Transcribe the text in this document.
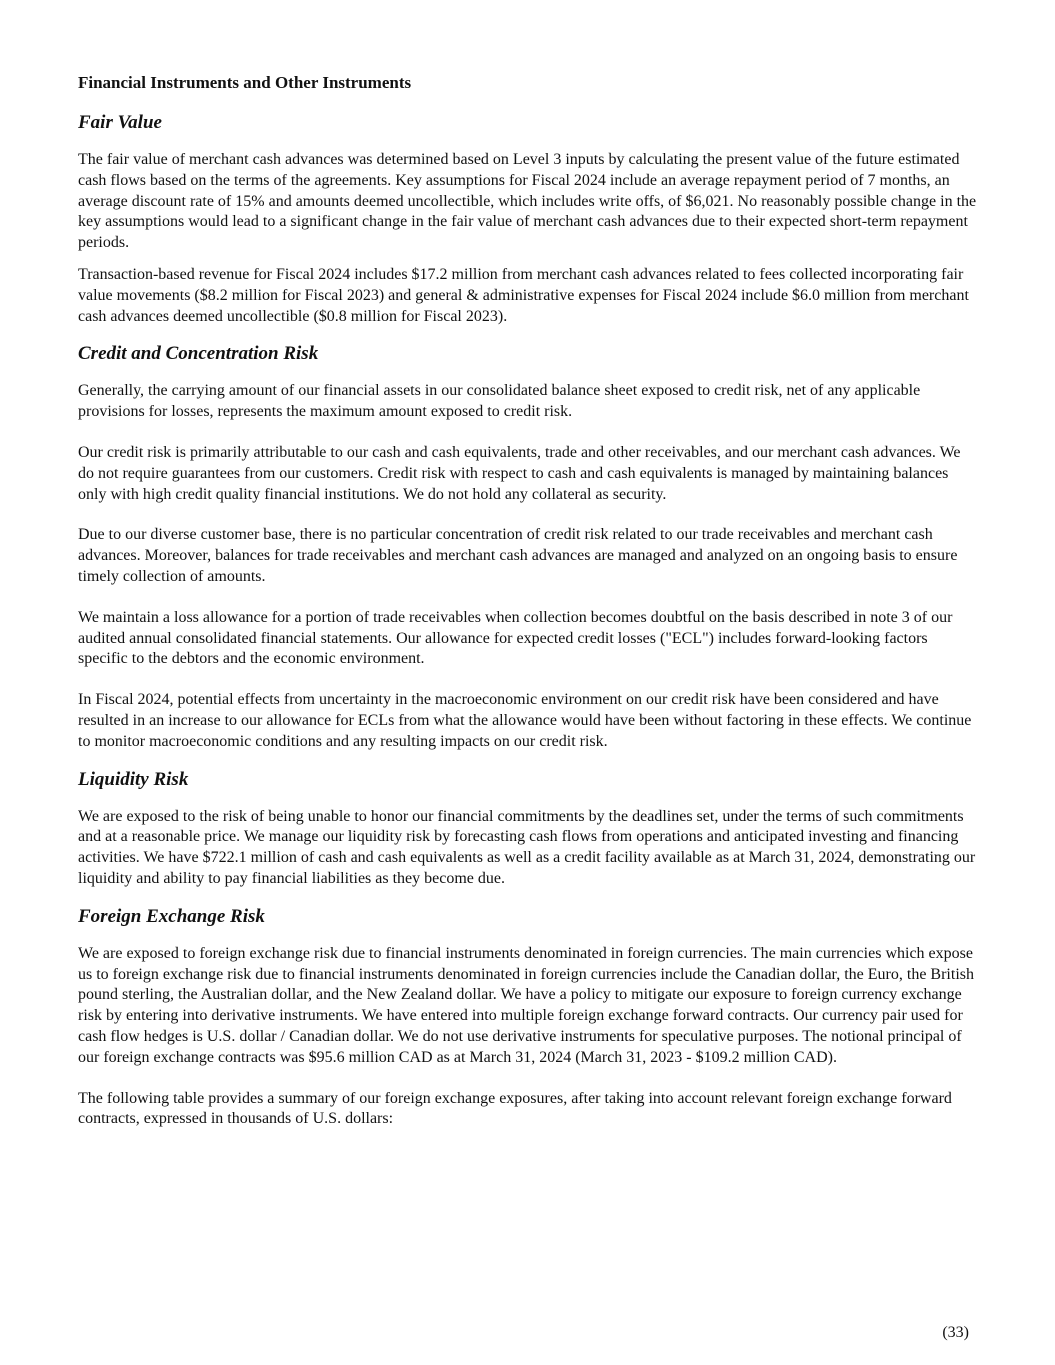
Financial Instruments and Other Instruments
Fair Value

The fair value of merchant cash advances was determined based on Level 3 inputs by calculating the present value of the future estimated cash flows based on the terms of the agreements. Key assumptions for Fiscal 2024 include an average repayment period of 7 months, an average discount rate of 15% and amounts deemed uncollectible, which includes write offs, of $6,021. No reasonably possible change in the key assumptions would lead to a significant change in the fair value of merchant cash advances due to their expected short-term repayment periods.

Transaction-based revenue for Fiscal 2024 includes $17.2 million from merchant cash advances related to fees collected incorporating fair value movements ($8.2 million for Fiscal 2023) and general & administrative expenses for Fiscal 2024 include $6.0 million from merchant cash advances deemed uncollectible ($0.8 million for Fiscal 2023).

Credit and Concentration Risk

Generally, the carrying amount of our financial assets in our consolidated balance sheet exposed to credit risk, net of any applicable provisions for losses, represents the maximum amount exposed to credit risk.

Our credit risk is primarily attributable to our cash and cash equivalents, trade and other receivables, and our merchant cash advances. We do not require guarantees from our customers. Credit risk with respect to cash and cash equivalents is managed by maintaining balances only with high credit quality financial institutions. We do not hold any collateral as security.

Due to our diverse customer base, there is no particular concentration of credit risk related to our trade receivables and merchant cash advances. Moreover, balances for trade receivables and merchant cash advances are managed and analyzed on an ongoing basis to ensure timely collection of amounts.

We maintain a loss allowance for a portion of trade receivables when collection becomes doubtful on the basis described in note 3 of our audited annual consolidated financial statements. Our allowance for expected credit losses ("ECL") includes forward-looking factors specific to the debtors and the economic environment.

In Fiscal 2024, potential effects from uncertainty in the macroeconomic environment on our credit risk have been considered and have resulted in an increase to our allowance for ECLs from what the allowance would have been without factoring in these effects. We continue to monitor macroeconomic conditions and any resulting impacts on our credit risk.

Liquidity Risk

We are exposed to the risk of being unable to honor our financial commitments by the deadlines set, under the terms of such commitments and at a reasonable price. We manage our liquidity risk by forecasting cash flows from operations and anticipated investing and financing activities. We have $722.1 million of cash and cash equivalents as well as a credit facility available as at March 31, 2024, demonstrating our liquidity and ability to pay financial liabilities as they become due.

Foreign Exchange Risk

We are exposed to foreign exchange risk due to financial instruments denominated in foreign currencies. The main currencies which expose us to foreign exchange risk due to financial instruments denominated in foreign currencies include the Canadian dollar, the Euro, the British pound sterling, the Australian dollar, and the New Zealand dollar. We have a policy to mitigate our exposure to foreign currency exchange risk by entering into derivative instruments. We have entered into multiple foreign exchange forward contracts. Our currency pair used for cash flow hedges is U.S. dollar / Canadian dollar. We do not use derivative instruments for speculative purposes. The notional principal of our foreign exchange contracts was $95.6 million CAD as at March 31, 2024 (March 31, 2023 - $109.2 million CAD).

The following table provides a summary of our foreign exchange exposures, after taking into account relevant foreign exchange forward contracts, expressed in thousands of U.S. dollars:

(33)
